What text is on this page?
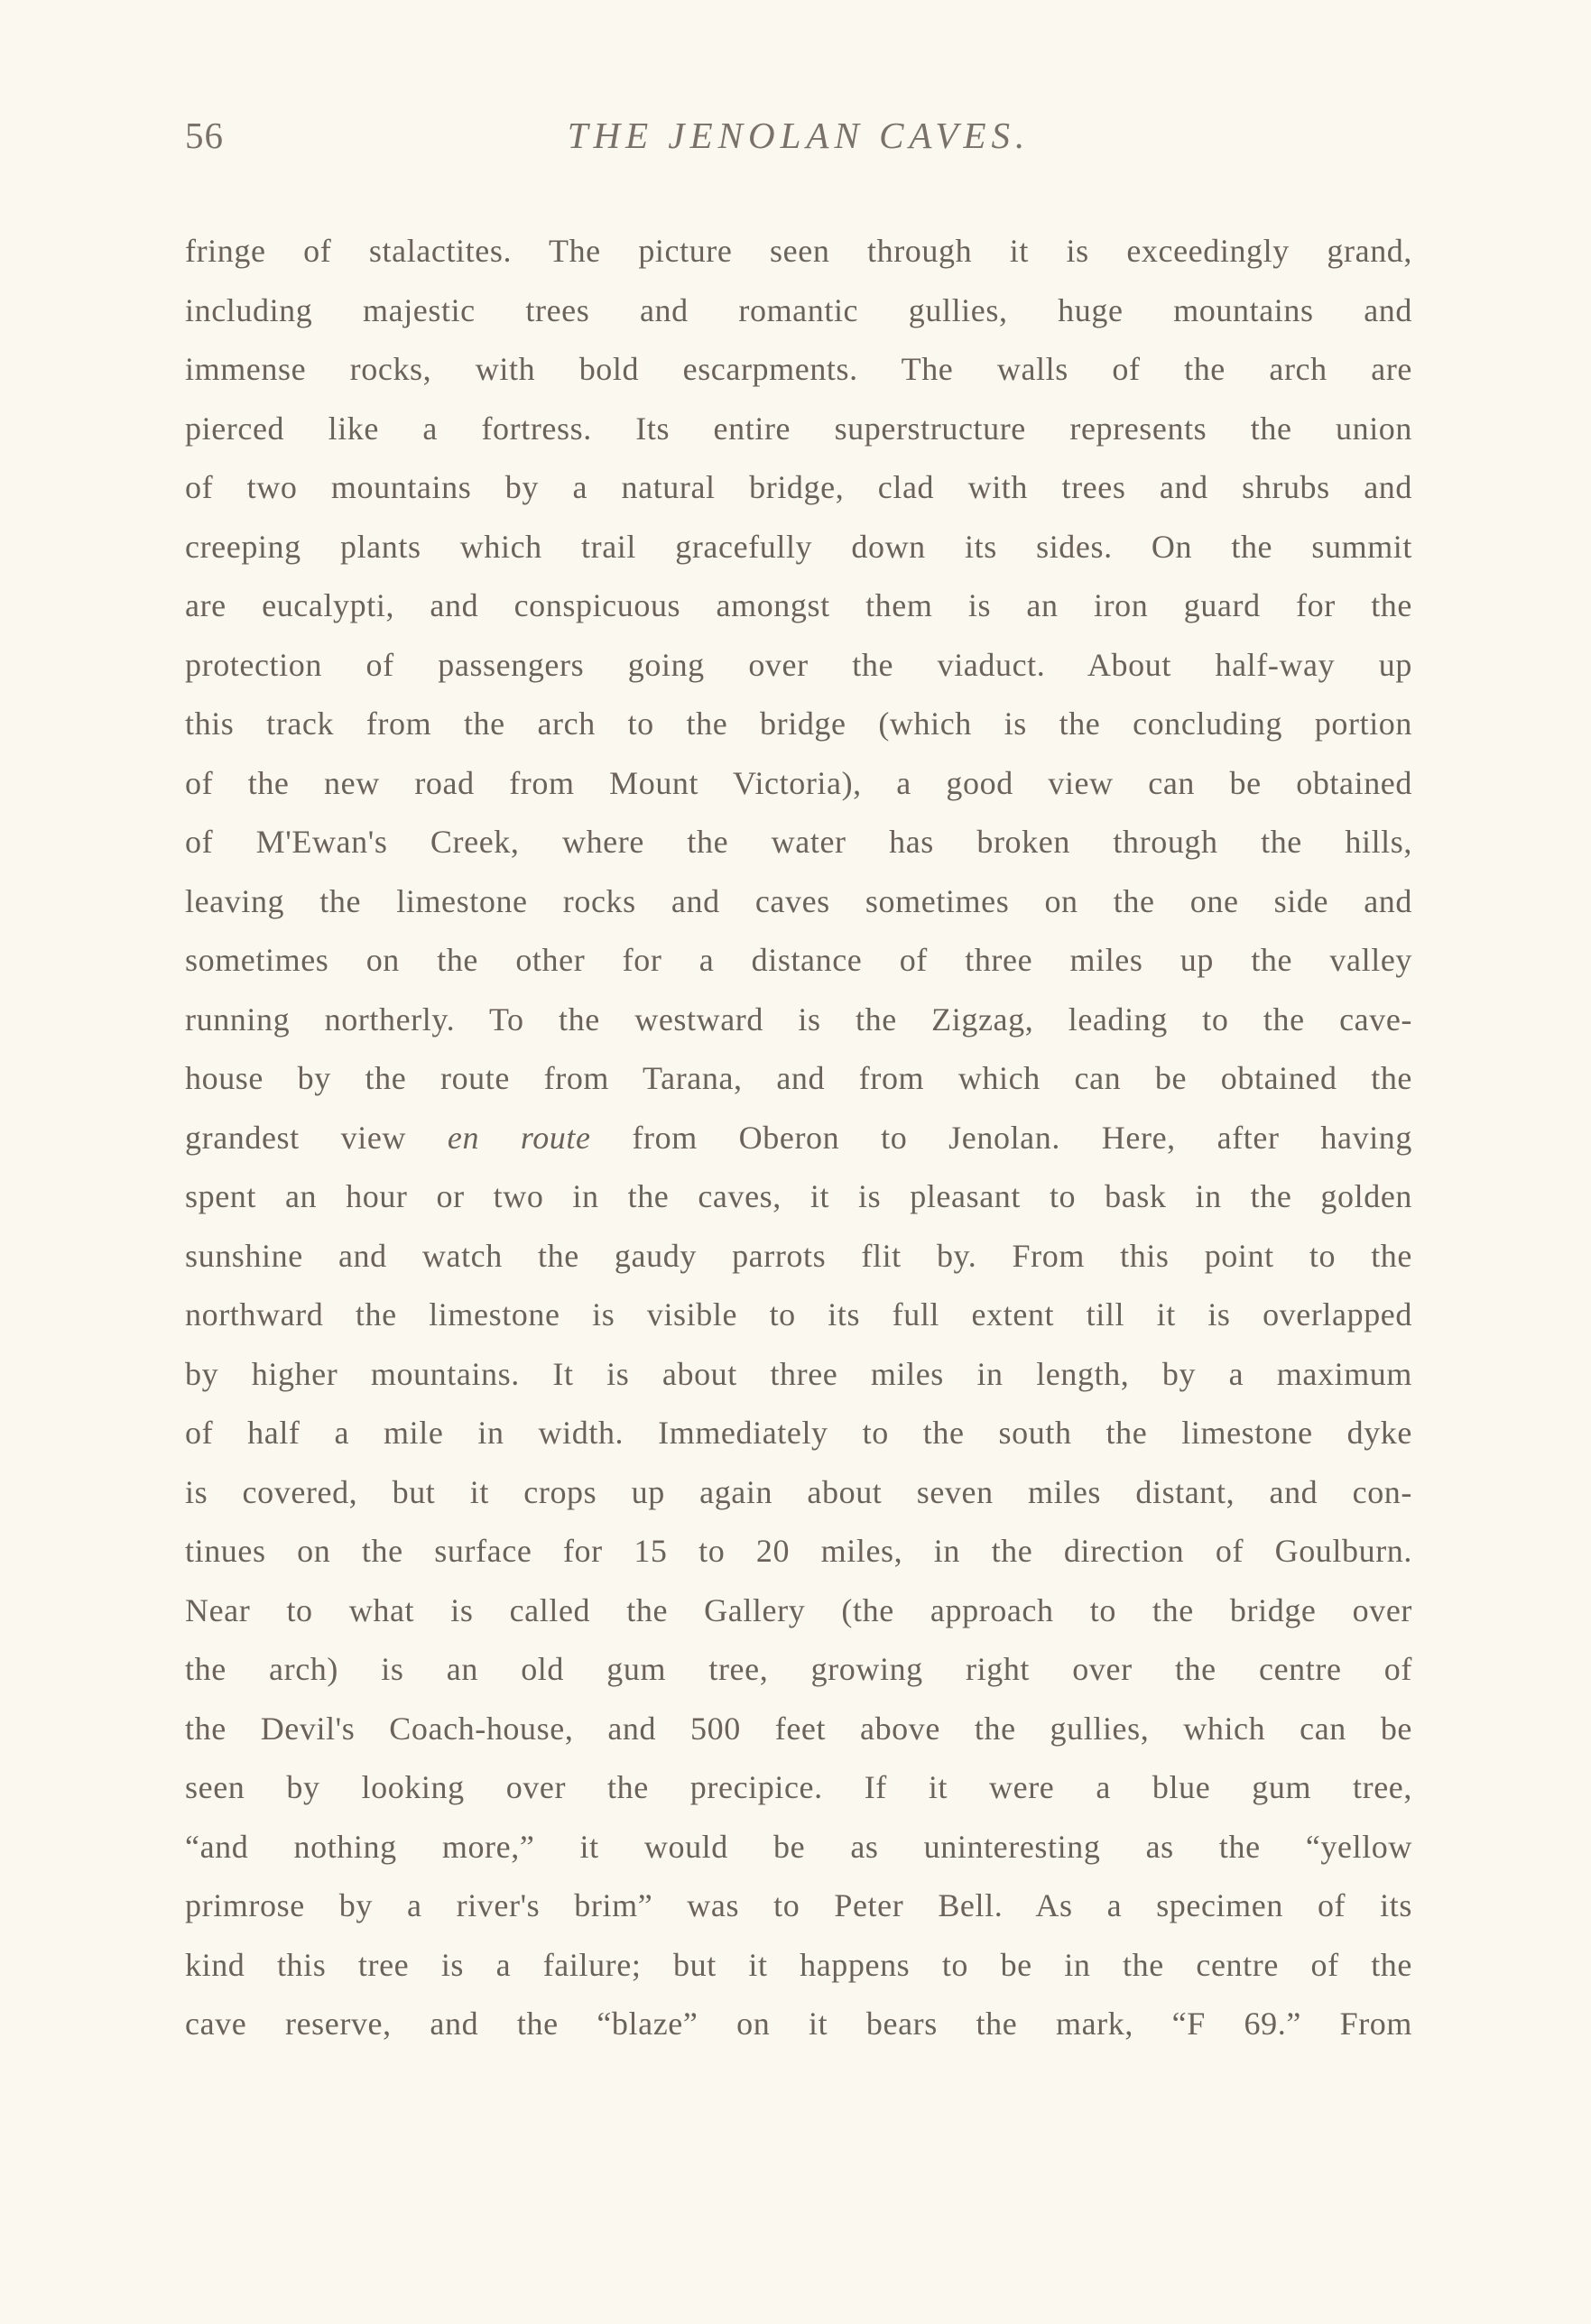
56	THE JENOLAN CAVES.
fringe of stalactites. The picture seen through it is exceedingly grand,
including majestic trees and romantic gullies, huge mountains and
immense rocks, with bold escarpments. The walls of the arch are
pierced like a fortress. Its entire superstructure represents the union
of two mountains by a natural bridge, clad with trees and shrubs and
creeping plants which trail gracefully down its sides. On the summit
are eucalypti, and conspicuous amongst them is an iron guard for the
protection of passengers going over the viaduct. About half-way up
this track from the arch to the bridge (which is the concluding portion
of the new road from Mount Victoria), a good view can be obtained
of M'Ewan's Creek, where the water has broken through the hills,
leaving the limestone rocks and caves sometimes on the one side and
sometimes on the other for a distance of three miles up the valley
running northerly. To the westward is the Zigzag, leading to the cave-
house by the route from Tarana, and from which can be obtained the
grandest view en route from Oberon to Jenolan. Here, after having
spent an hour or two in the caves, it is pleasant to bask in the golden
sunshine and watch the gaudy parrots flit by. From this point to the
northward the limestone is visible to its full extent till it is overlapped
by higher mountains. It is about three miles in length, by a maximum
of half a mile in width. Immediately to the south the limestone dyke
is covered, but it crops up again about seven miles distant, and con-
tinues on the surface for 15 to 20 miles, in the direction of Goulburn.
Near to what is called the Gallery (the approach to the bridge over
the arch) is an old gum tree, growing right over the centre of
the Devil's Coach-house, and 500 feet above the gullies, which can be
seen by looking over the precipice. If it were a blue gum tree,
“and nothing more,” it would be as uninteresting as the “yellow
primrose by a river's brim” was to Peter Bell. As a specimen of its
kind this tree is a failure; but it happens to be in the centre of the
cave reserve, and the “blaze” on it bears the mark, “F 69.” From
